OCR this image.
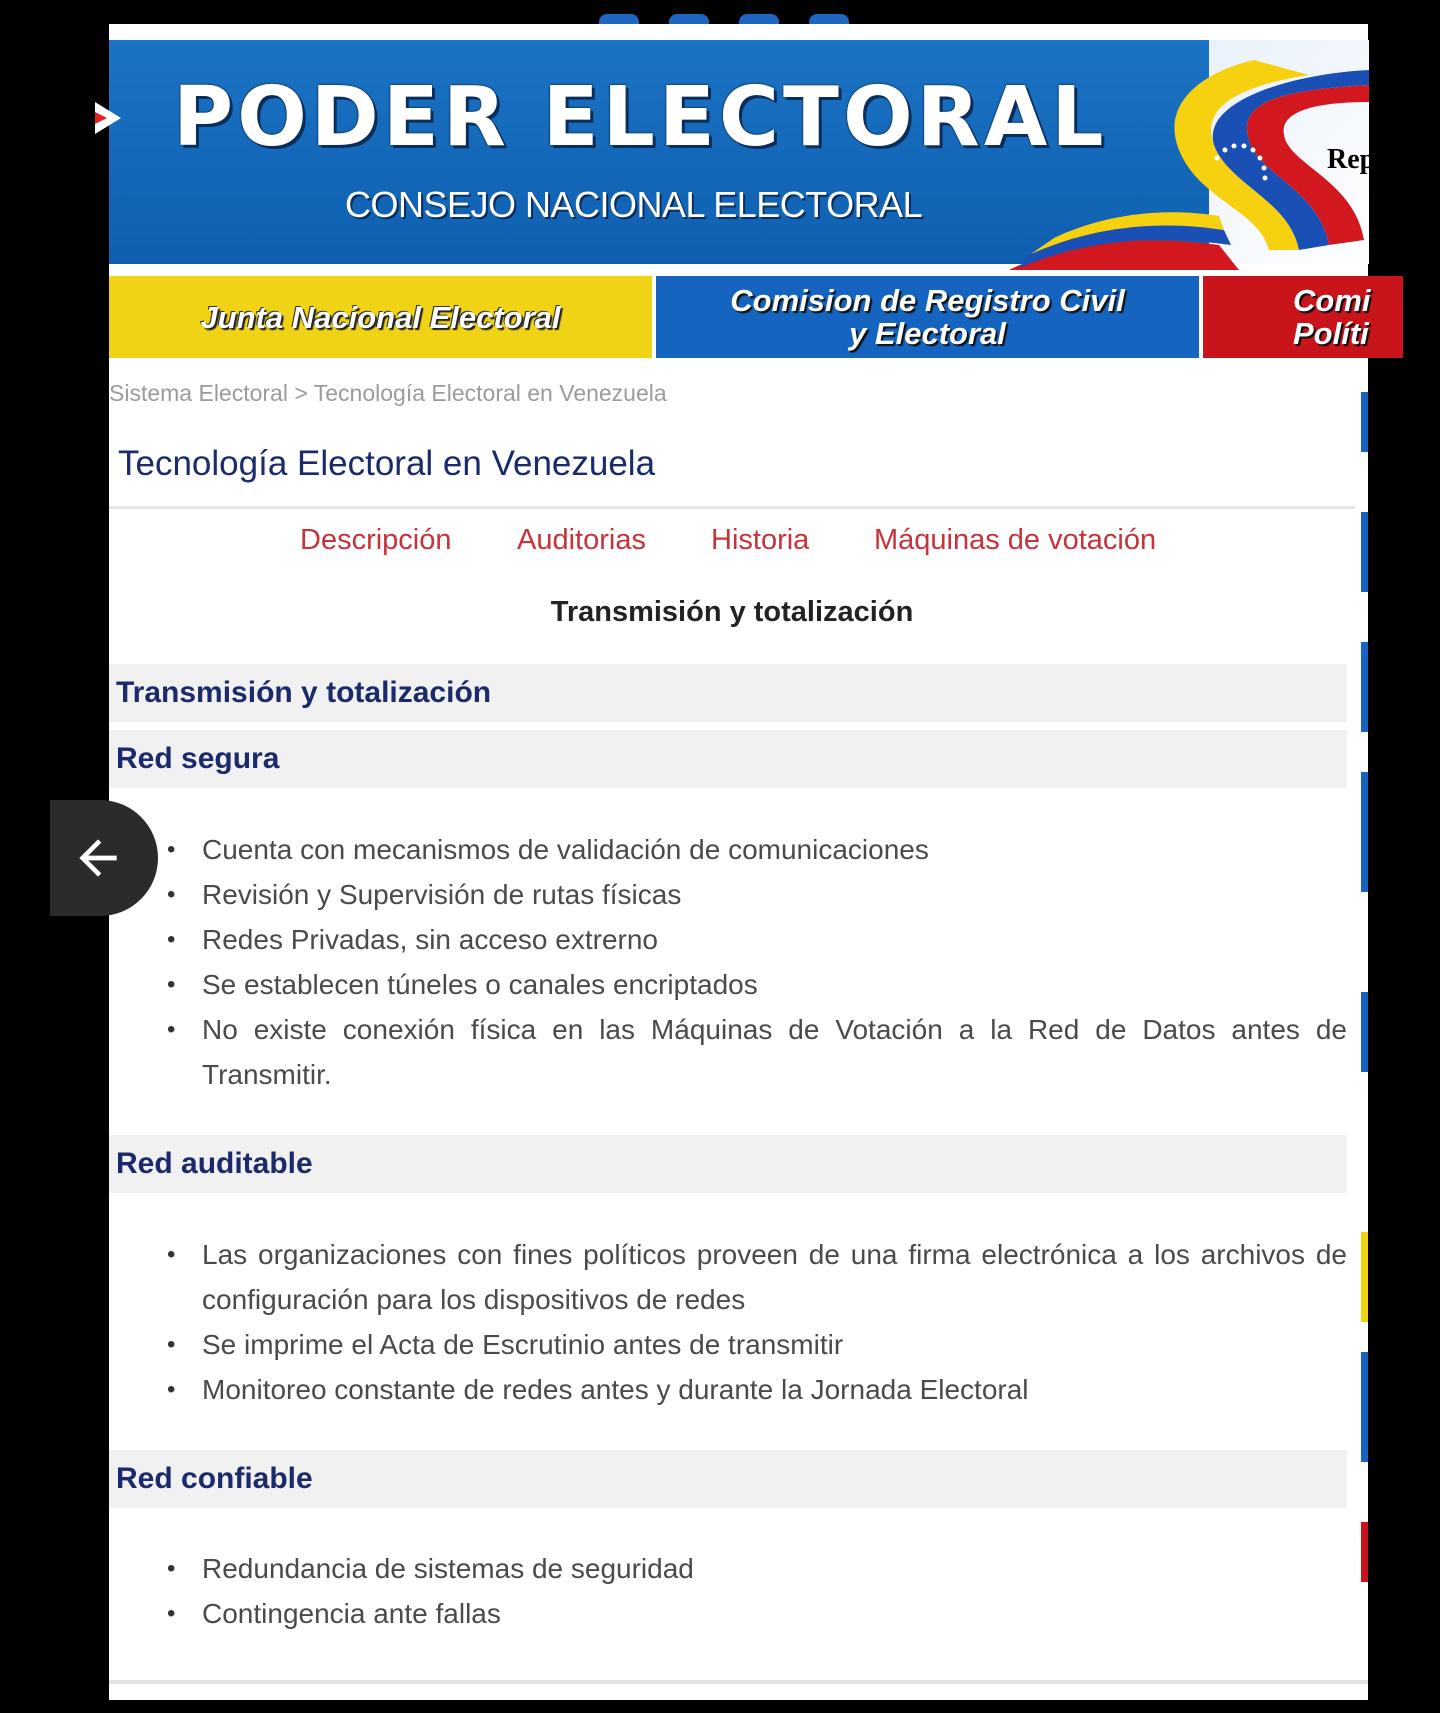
PODER ELECTORAL
CONSEJO NACIONAL ELECTORAL
Rep
Junta Nacional Electoral	Comision de Registro Civil
y Electoral
Comi
Políti
Sistema Electoral > Tecnología Electoral en Venezuela
Tecnología Electoral en Venezuela
Descripción Auditorias Historia Máquinas de votación
Transmisión y totalización
Transmisión y totalización
Red segura
• Cuenta con mecanismos de validación de comunicaciones
• Revisión y Supervisión de rutas físicas
• Redes Privadas, sin acceso extrerno
• Se establecen túneles o canales encriptados
• No existe conexión física en las Máquinas de Votación a la Red de Datos antes de Transmitir.
Red auditable
• Las organizaciones con fines políticos proveen de una firma electrónica a los archivos de configuración para los dispositivos de redes
• Se imprime el Acta de Escrutinio antes de transmitir
• Monitoreo constante de redes antes y durante la Jornada Electoral
Red confiable
• Redundancia de sistemas de seguridad
• Contingencia ante fallas
